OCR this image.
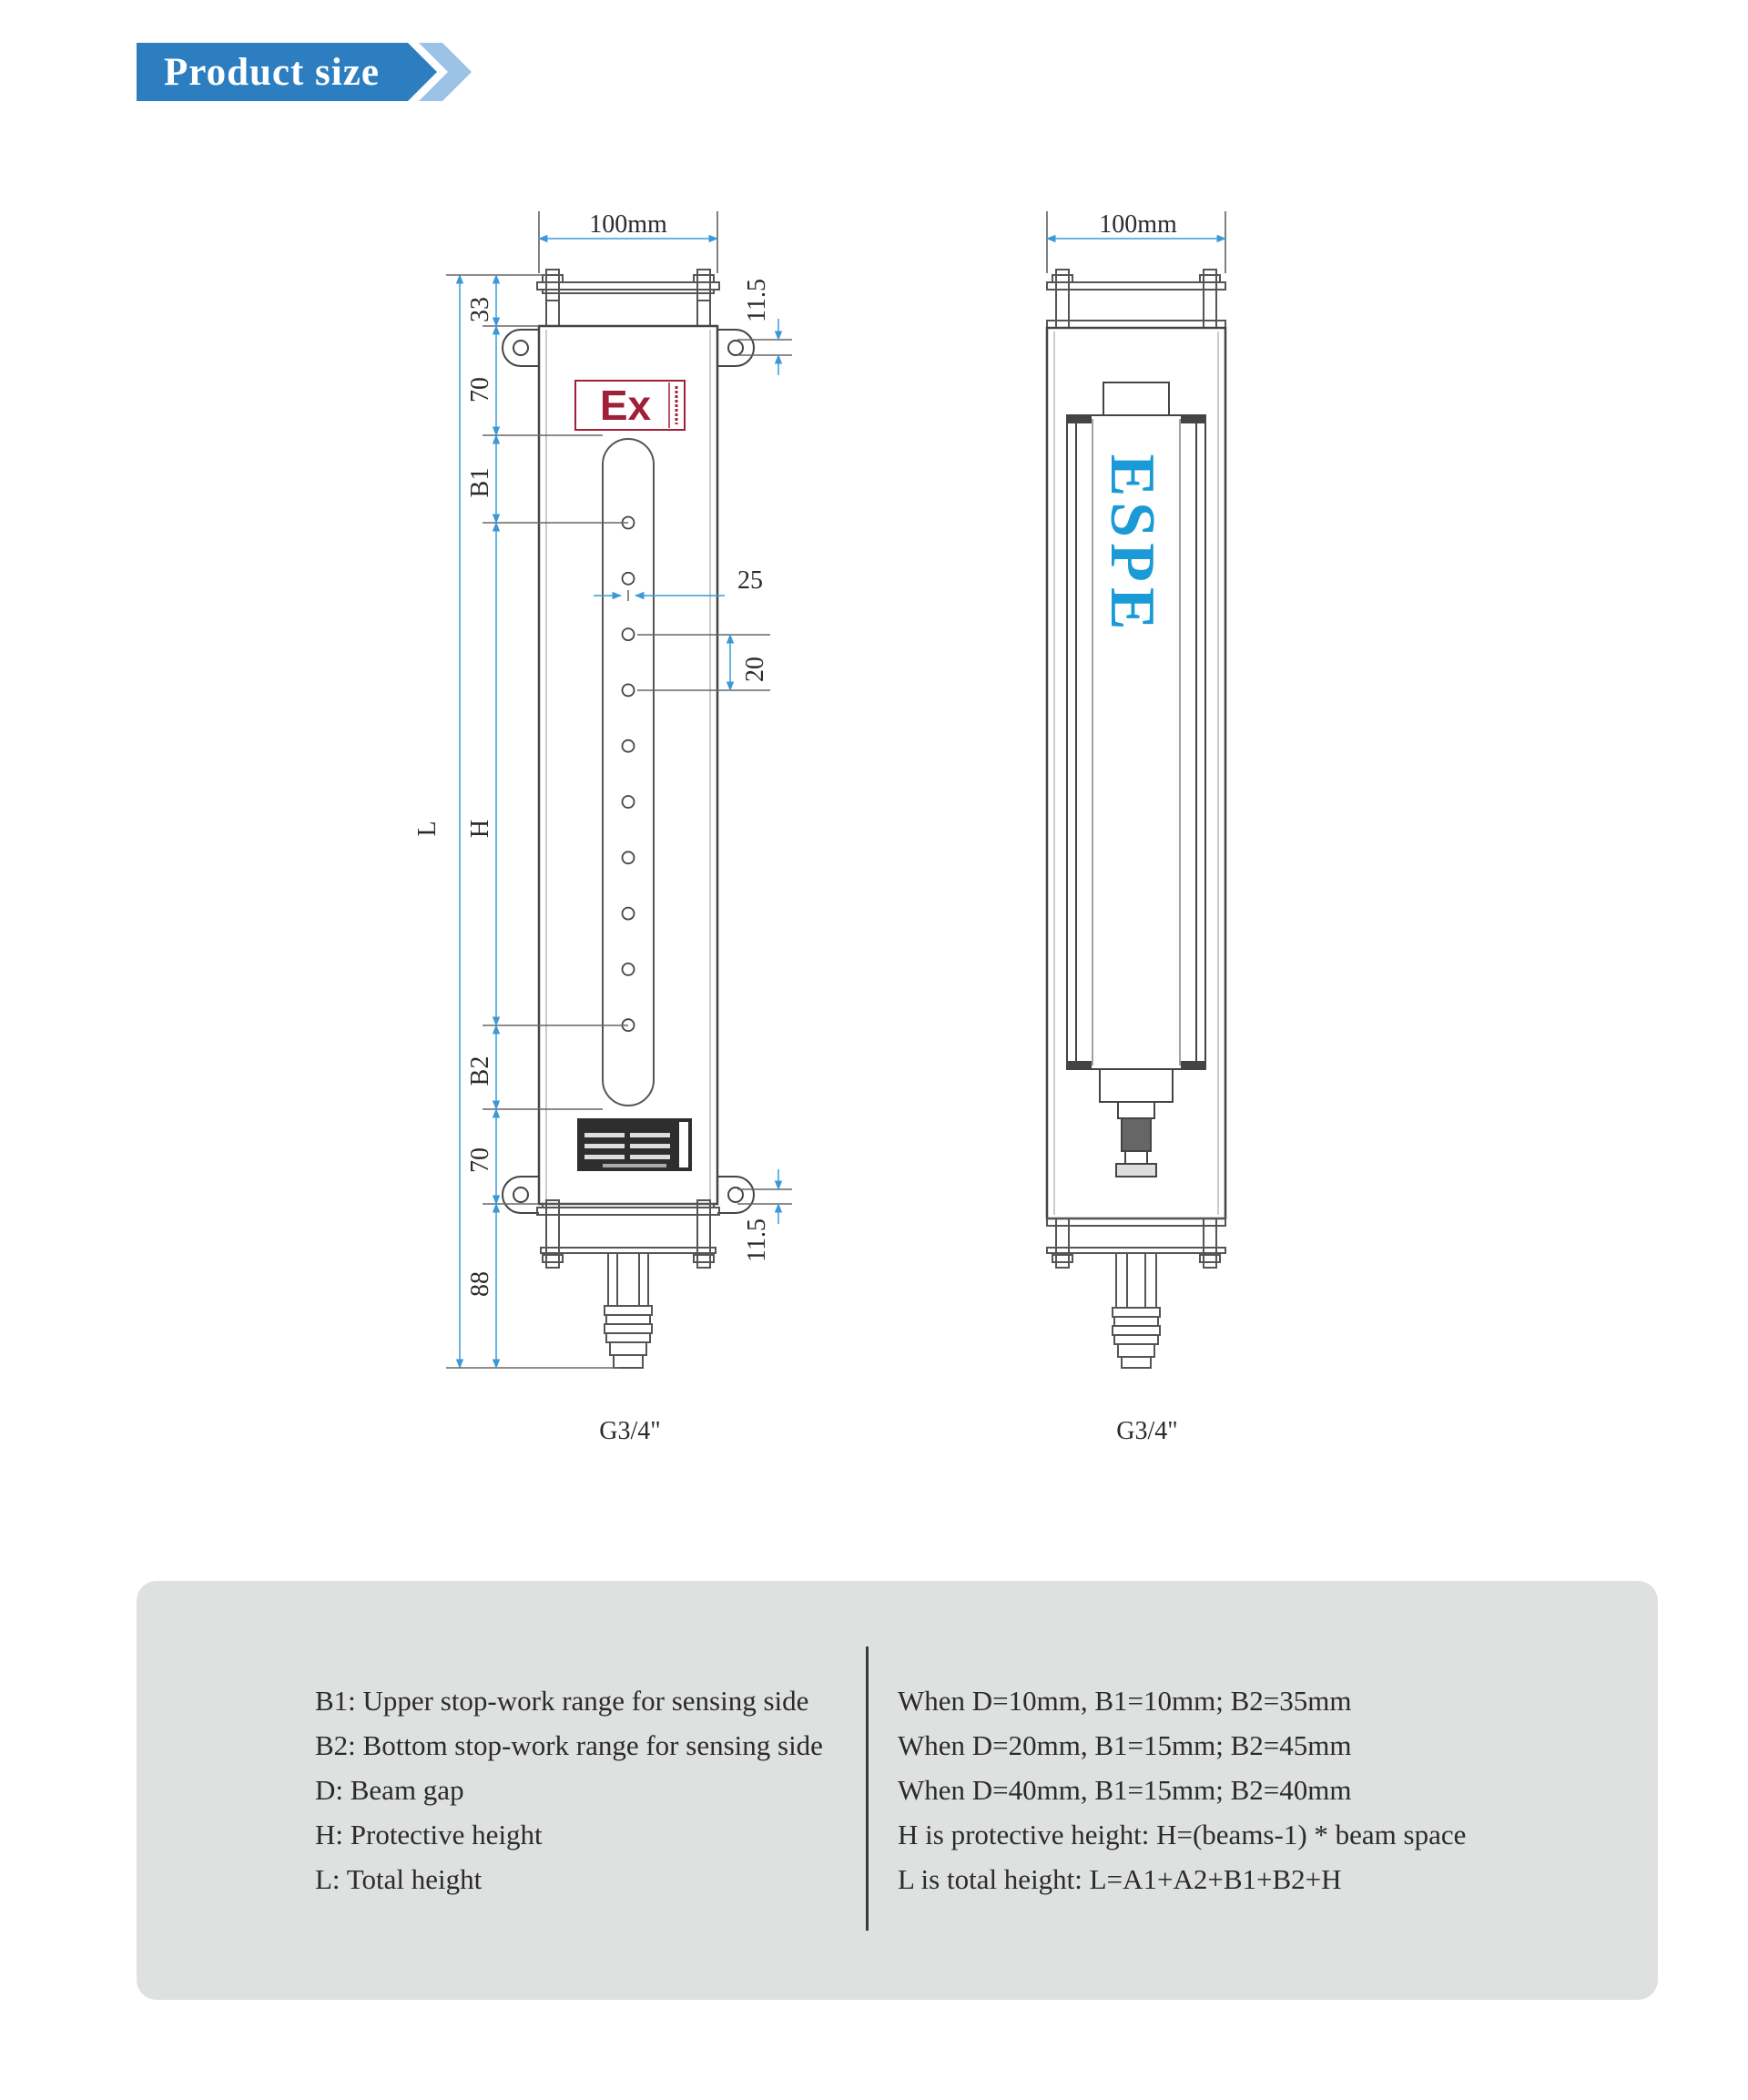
Product size
Ex
100mm
33
70
B1
H
L
B2
70
88
11.5
11.5
25
20
G3/4"
ESPE
100mm
G3/4"
B1: Upper stop-work range for sensing side
B2: Bottom stop-work range for sensing side
D: Beam gap
H: Protective height
L: Total height
When D=10mm, B1=10mm; B2=35mm
When D=20mm, B1=15mm; B2=45mm
When D=40mm, B1=15mm; B2=40mm
H is protective height: H=(beams-1) * beam space
L is total height: L=A1+A2+B1+B2+H
